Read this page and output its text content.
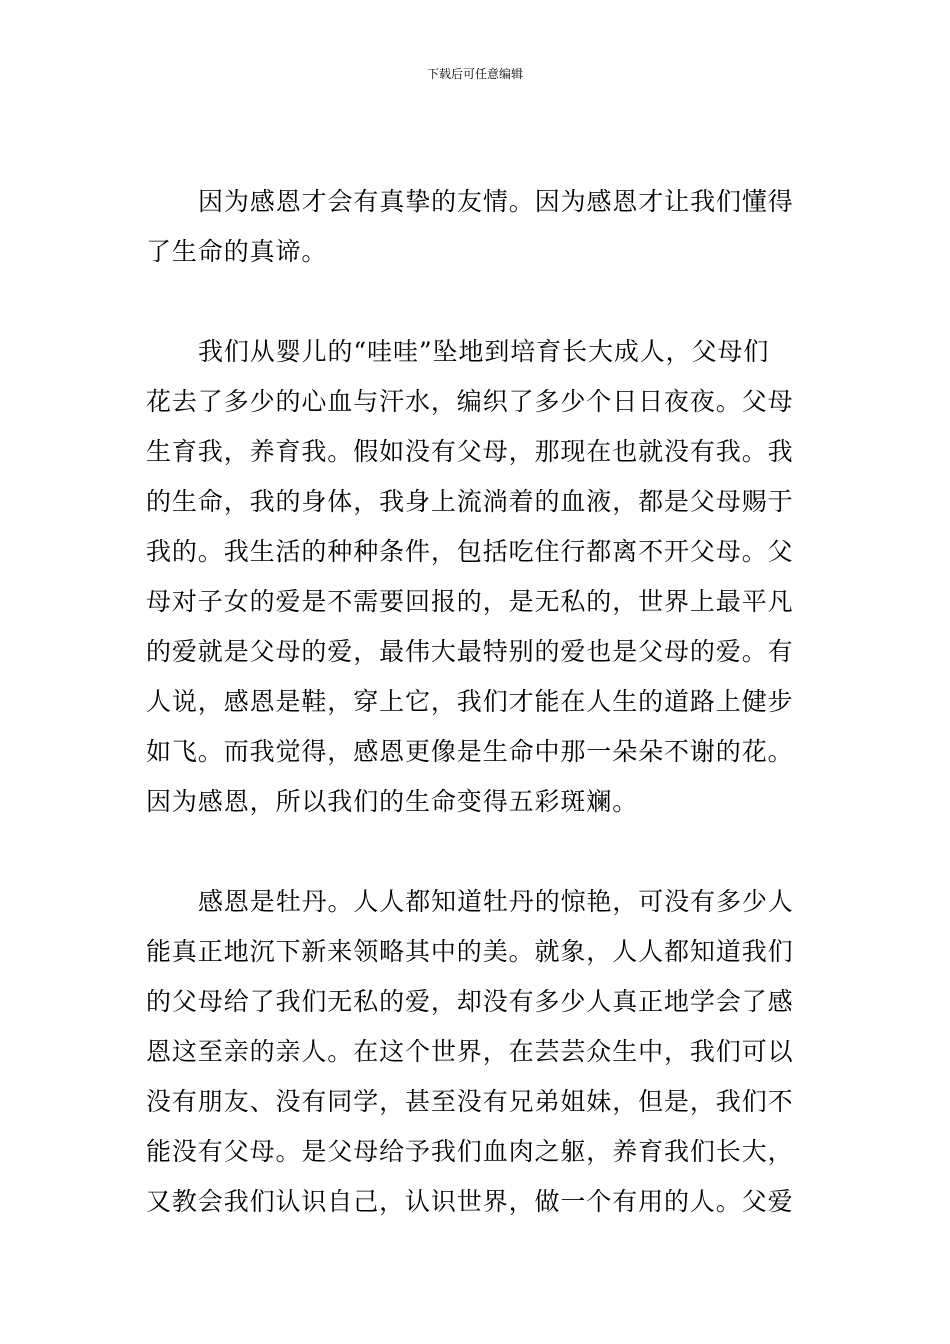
下载后可任意编辑
因为感恩才会有真挚的友情。因为感恩才让我们懂得
了生命的真谛。
我们从婴儿的“哇哇”坠地到培育长大成人，父母们
花去了多少的心血与汗水，编织了多少个日日夜夜。父母
生育我，养育我。假如没有父母，那现在也就没有我。我
的生命，我的身体，我身上流淌着的血液，都是父母赐于
我的。我生活的种种条件，包括吃住行都离不开父母。父
母对子女的爱是不需要回报的，是无私的，世界上最平凡
的爱就是父母的爱，最伟大最特别的爱也是父母的爱。有
人说，感恩是鞋，穿上它，我们才能在人生的道路上健步
如飞。而我觉得，感恩更像是生命中那一朵朵不谢的花。
因为感恩，所以我们的生命变得五彩斑斓。
感恩是牡丹。人人都知道牡丹的惊艳，可没有多少人
能真正地沉下新来领略其中的美。就象，人人都知道我们
的父母给了我们无私的爱，却没有多少人真正地学会了感
恩这至亲的亲人。在这个世界，在芸芸众生中，我们可以
没有朋友、没有同学，甚至没有兄弟姐妹，但是，我们不
能没有父母。是父母给予我们血肉之躯，养育我们长大，
又教会我们认识自己，认识世界，做一个有用的人。父爱
